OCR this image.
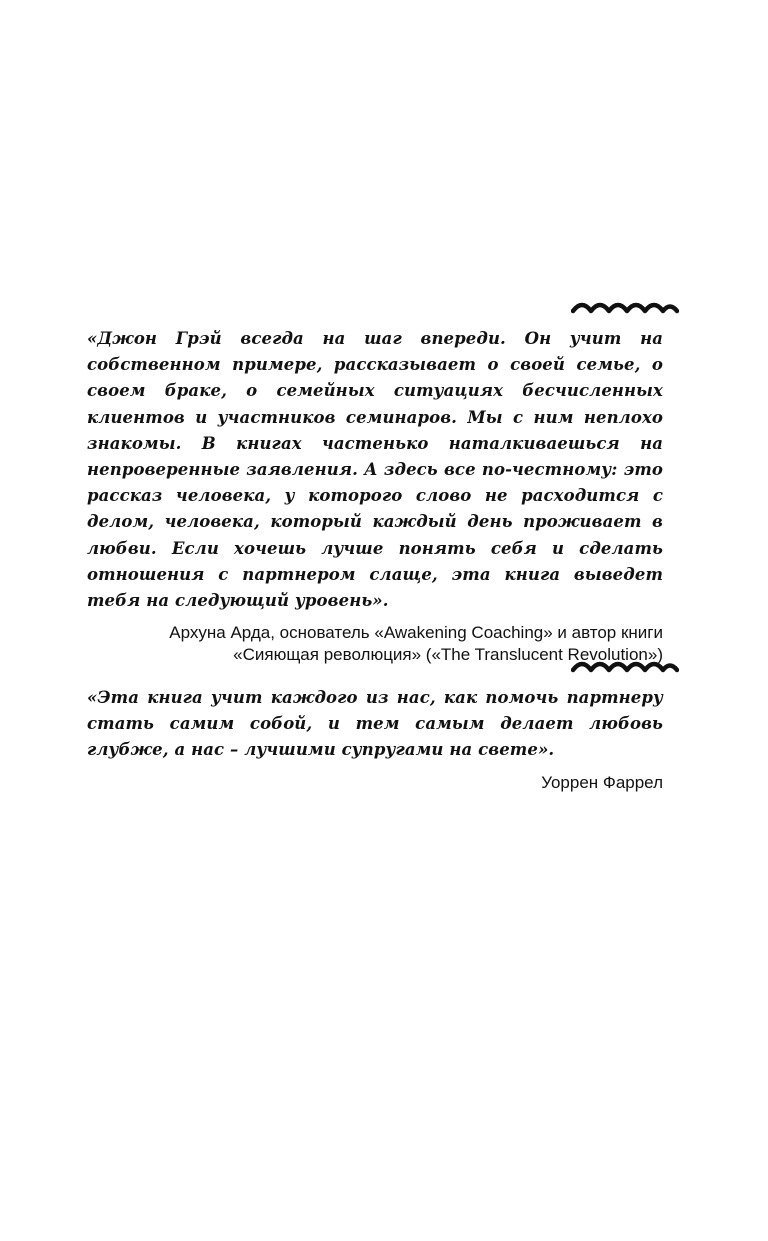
«Джон Грэй всегда на шаг впереди. Он учит на собственном примере, рассказывает о своей семье, о своем браке, о семейных ситуациях бесчисленных клиентов и участников семинаров. Мы с ним неплохо знакомы. В книгах частенько наталкиваешься на непроверенные заявления. А здесь все по-честному: это рассказ человека, у которого слово не расходится с делом, человека, который каждый день проживает в любви. Если хочешь лучше понять себя и сделать отношения с партнером слаще, эта книга выведет тебя на следующий уровень».

Архуна Арда, основатель «Awakening Coaching» и автор книги
«Сияющая революция» («The Translucent Revolution»)

«Эта книга учит каждого из нас, как помочь партнеру стать самим собой, и тем самым делает любовь глубже, а нас – лучшими супругами на свете».

Уоррен Фаррел
